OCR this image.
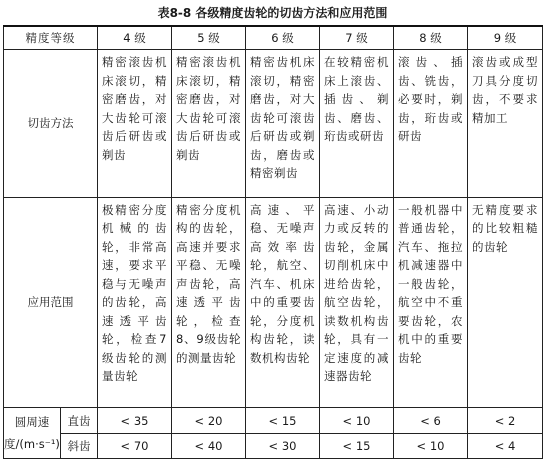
表8-8 各级精度齿轮的切齿方法和应用范围
精度等级		4 级	5 级	6 级	7 级	8 级	9 级
切齿方法		精密滚齿机床滚切，精密磨齿，对大齿轮可滚齿后研齿或剃齿	精密滚齿机床滚切，精密磨齿，对大齿轮可滚齿后研齿或剃齿	精密齿机床滚切，精密磨齿，对大齿轮可滚齿后研齿或剃齿，磨齿或精密剃齿	在较精密机床上滚齿、插齿、剃齿、磨齿、珩齿或研齿	滚齿、插齿、铣齿，必要时，剃齿，珩齿或研齿	滚齿或成型刀具分度切齿，不要求精加工
应用范围		极精密分度机械的齿轮，非常高速，要求平稳与无噪声的齿轮，高速透平齿轮，检查7级齿轮的测量齿轮	精密分度机构的齿轮，高速并要求平稳、无噪声齿轮，高速透平齿轮，检查8、9级齿轮的测量齿轮	高速、平稳、无噪声高效率齿轮，航空、汽车、机床中的重要齿轮，分度机构齿轮，读数机构齿轮	高速、小动力或反转的齿轮，金属切削机床中进给齿轮，航空齿轮，读数机构齿轮，具有一定速度的减速器齿轮	一般机器中普通齿轮，汽车、拖拉机减速器中一般齿轮，航空中不重要齿轮，农机中的重要齿轮	无精度要求的比较粗糙的齿轮
圆周速度/(m·s⁻¹)	直齿	< 35	< 20	< 15	< 10	< 6	< 2
	斜齿	< 70	< 40	< 30	< 15	< 10	< 4
